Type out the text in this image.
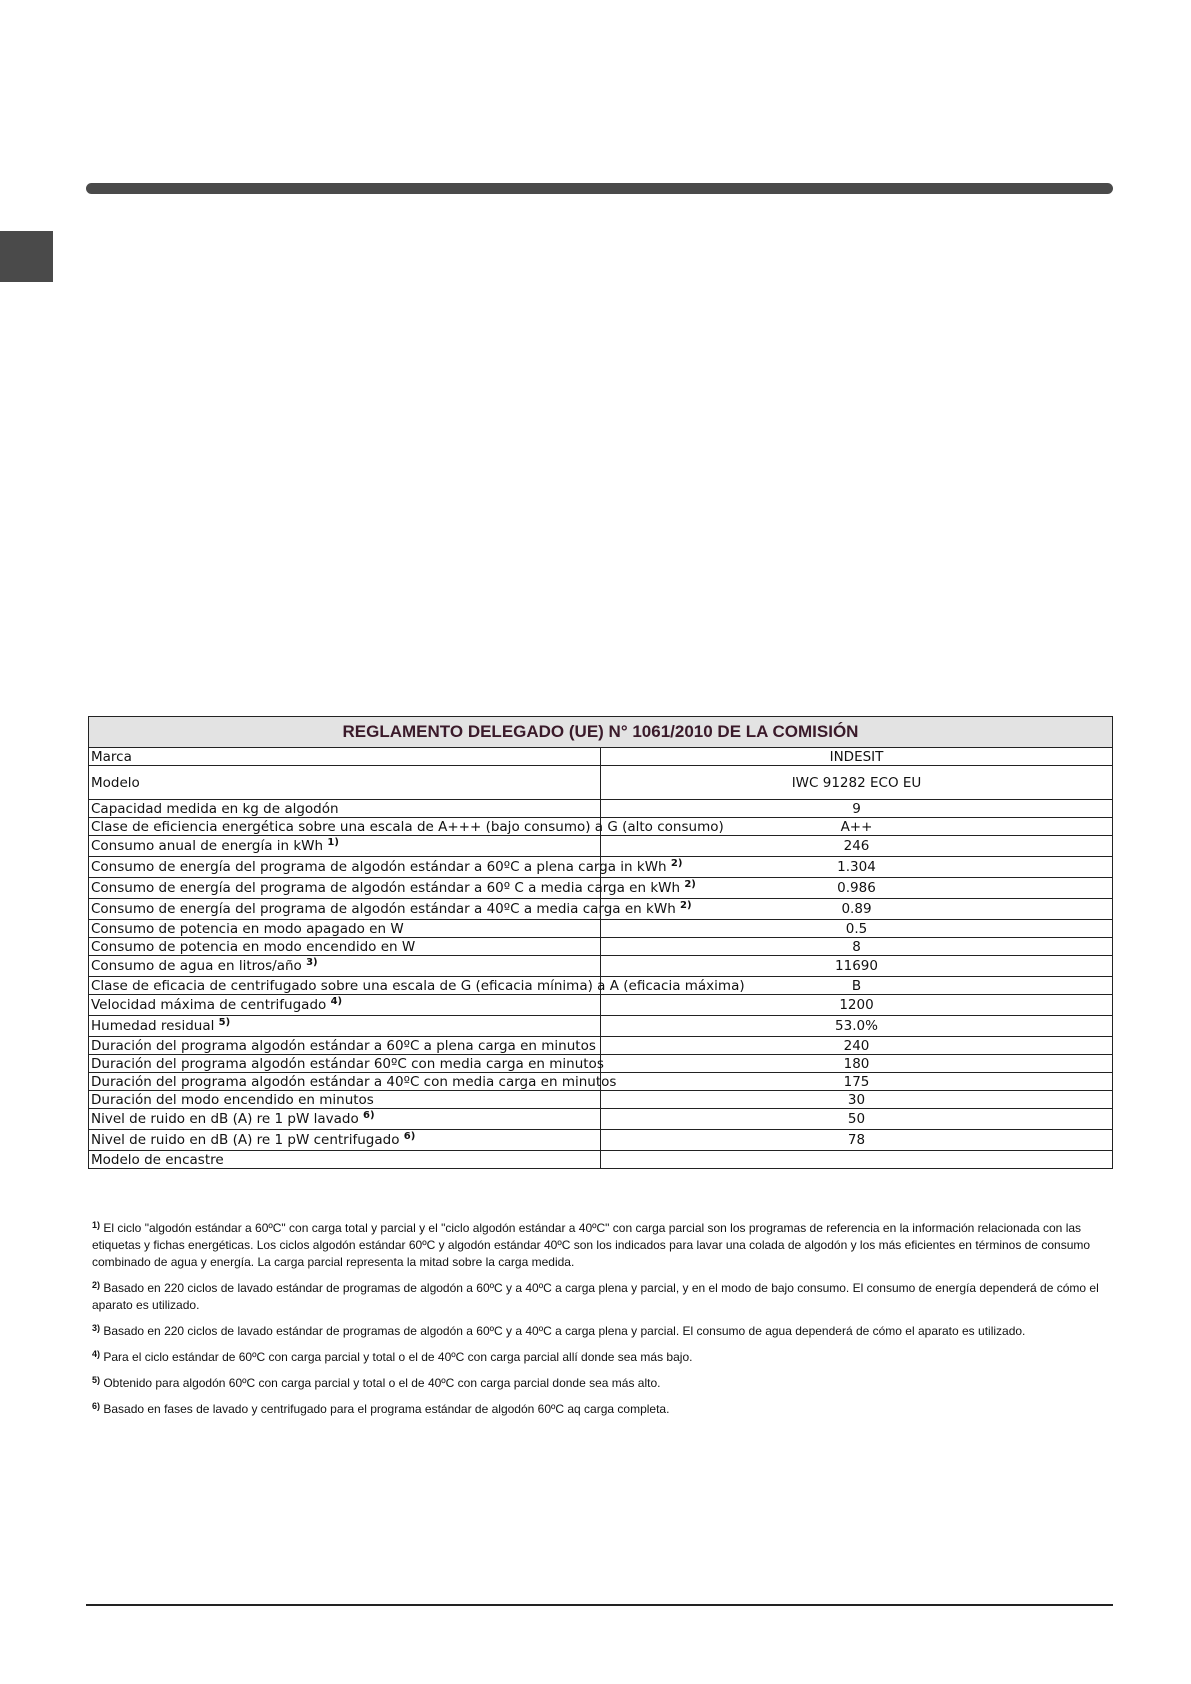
REGLAMENTO DELEGADO (UE) N° 1061/2010 DE LA COMISIÓN	
Marca	INDESIT
Modelo	IWC 91282 ECO EU
Capacidad medida en kg de algodón	9
Clase de eficiencia energética sobre una escala de A+++ (bajo consumo) a G (alto consumo)	A++
Consumo anual de energía in kWh $^{1)}$	246
Consumo de energía del programa de algodón estándar a 60ºC a plena carga in kWh $^{2)}$	1.304
Consumo de energía del programa de algodón estándar a 60º C a media carga en kWh $^{2)}$	0.986
Consumo de energía del programa de algodón estándar a 40ºC a media carga en kWh $^{2)}$	0.89
Consumo de potencia en modo apagado en W	0.5
Consumo de potencia en modo encendido en W	8
Consumo de agua en litros/año $^{3)}$	11690
Clase de eficacia de centrifugado sobre una escala de G (eficacia mínima) a A (eficacia máxima)	B
Velocidad máxima de centrifugado $^{4)}$	1200
Humedad residual $^{5)}$	53.0%
Duración del programa algodón estándar a 60ºC a plena carga en minutos	240
Duración del programa algodón estándar 60ºC con media carga en minutos	180
Duración del programa algodón estándar a 40ºC con media carga en minutos	175
Duración del modo encendido en minutos	30
Nivel de ruido en dB (A) re 1 pW lavado $^{6)}$	50
Nivel de ruido en dB (A) re 1 pW centrifugado $^{6)}$	78
Modelo de encastre	

$^{1)}$ El ciclo "algodón estándar a 60ºC" con carga total y parcial y el "ciclo algodón estándar a 40ºC" con carga parcial son los programas de referencia en la información relacionada con las etiquetas y fichas energéticas. Los ciclos algodón estándar 60ºC y algodón estándar 40ºC son los indicados para lavar una colada de algodón y los más eficientes en términos de consumo combinado de agua y energía. La carga parcial representa la mitad sobre la carga medida.

$^{2)}$ Basado en 220 ciclos de lavado estándar de programas de algodón a 60ºC y a 40ºC a carga plena y parcial, y en el modo de bajo consumo. El consumo de energía dependerá de cómo el aparato es utilizado.

$^{3)}$ Basado en 220 ciclos de lavado estándar de programas de algodón a 60ºC y a 40ºC a carga plena y parcial. El consumo de agua dependerá de cómo el aparato es utilizado.

$^{4)}$ Para el ciclo estándar de 60ºC con carga parcial y total o el de 40ºC con carga parcial allí donde sea más bajo.

$^{5)}$ Obtenido para algodón 60ºC con carga parcial y total o el de 40ºC con carga parcial donde sea más alto.

$^{6)}$ Basado en fases de lavado y centrifugado para el programa estándar de algodón 60ºC aq carga completa.
